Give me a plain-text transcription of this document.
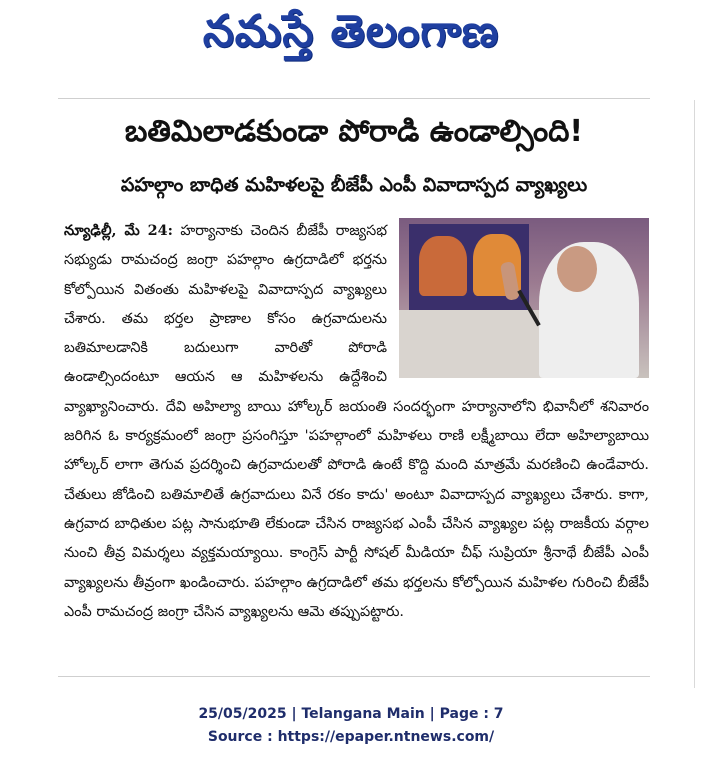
నమస్తే తెలంగాణ
బతిమిలాడకుండా పోరాడి ఉండాల్సింది!
పహల్గాం బాధిత మహిళలపై బీజేపీ ఎంపీ వివాదాస్పద వ్యాఖ్యలు
న్యూఢిల్లీ, మే 24: హర్యానాకు చెందిన బీజేపీ రాజ్యసభ సభ్యుడు రామచంద్ర జంగ్రా పహల్గాం ఉగ్రదాడిలో భర్తను కోల్పోయిన వితంతు మహిళలపై వివాదాస్పద వ్యాఖ్యలు చేశారు. తమ భర్తల ప్రాణాల కోసం ఉగ్రవాదులను బతిమాలడానికి బదులుగా వారితో పోరాడి ఉండాల్సిందంటూ ఆయన ఆ మహిళలను ఉద్దేశించి వ్యాఖ్యానించారు. దేవి అహిల్యా బాయి హోల్కర్ జయంతి సందర్భంగా హర్యానాలోని భివానీలో శనివారం జరిగిన ఓ కార్యక్రమంలో జంగ్రా ప్రసంగిస్తూ 'పహల్గాంలో మహిళలు రాణి లక్ష్మీబాయి లేదా అహిల్యాబాయి హోల్కర్ లాగా తెగువ ప్రదర్శించి ఉగ్రవాదులతో పోరాడి ఉంటే కొద్ది మంది మాత్రమే మరణించి ఉండేవారు. చేతులు జోడించి బతిమాలితే ఉగ్రవాదులు వినే రకం కాదు' అంటూ వివాదాస్పద వ్యాఖ్యలు చేశారు. కాగా, ఉగ్రవాద బాధితుల పట్ల సానుభూతి లేకుండా చేసిన రాజ్యసభ ఎంపీ చేసిన వ్యాఖ్యల పట్ల రాజకీయ వర్గాల నుంచి తీవ్ర విమర్శలు వ్యక్తమయ్యాయి. కాంగ్రెస్ పార్టీ సోషల్ మీడియా చీఫ్ సుప్రియా శ్రీనాథే బీజేపీ ఎంపీ వ్యాఖ్యలను తీవ్రంగా ఖండించారు. పహల్గాం ఉగ్రదాడిలో తమ భర్తలను కోల్పోయిన మహిళల గురించి బీజేపీ ఎంపీ రామచంద్ర జంగ్రా చేసిన వ్యాఖ్యలను ఆమె తప్పుపట్టారు.
25/05/2025 | Telangana Main | Page : 7
Source : https://epaper.ntnews.com/
